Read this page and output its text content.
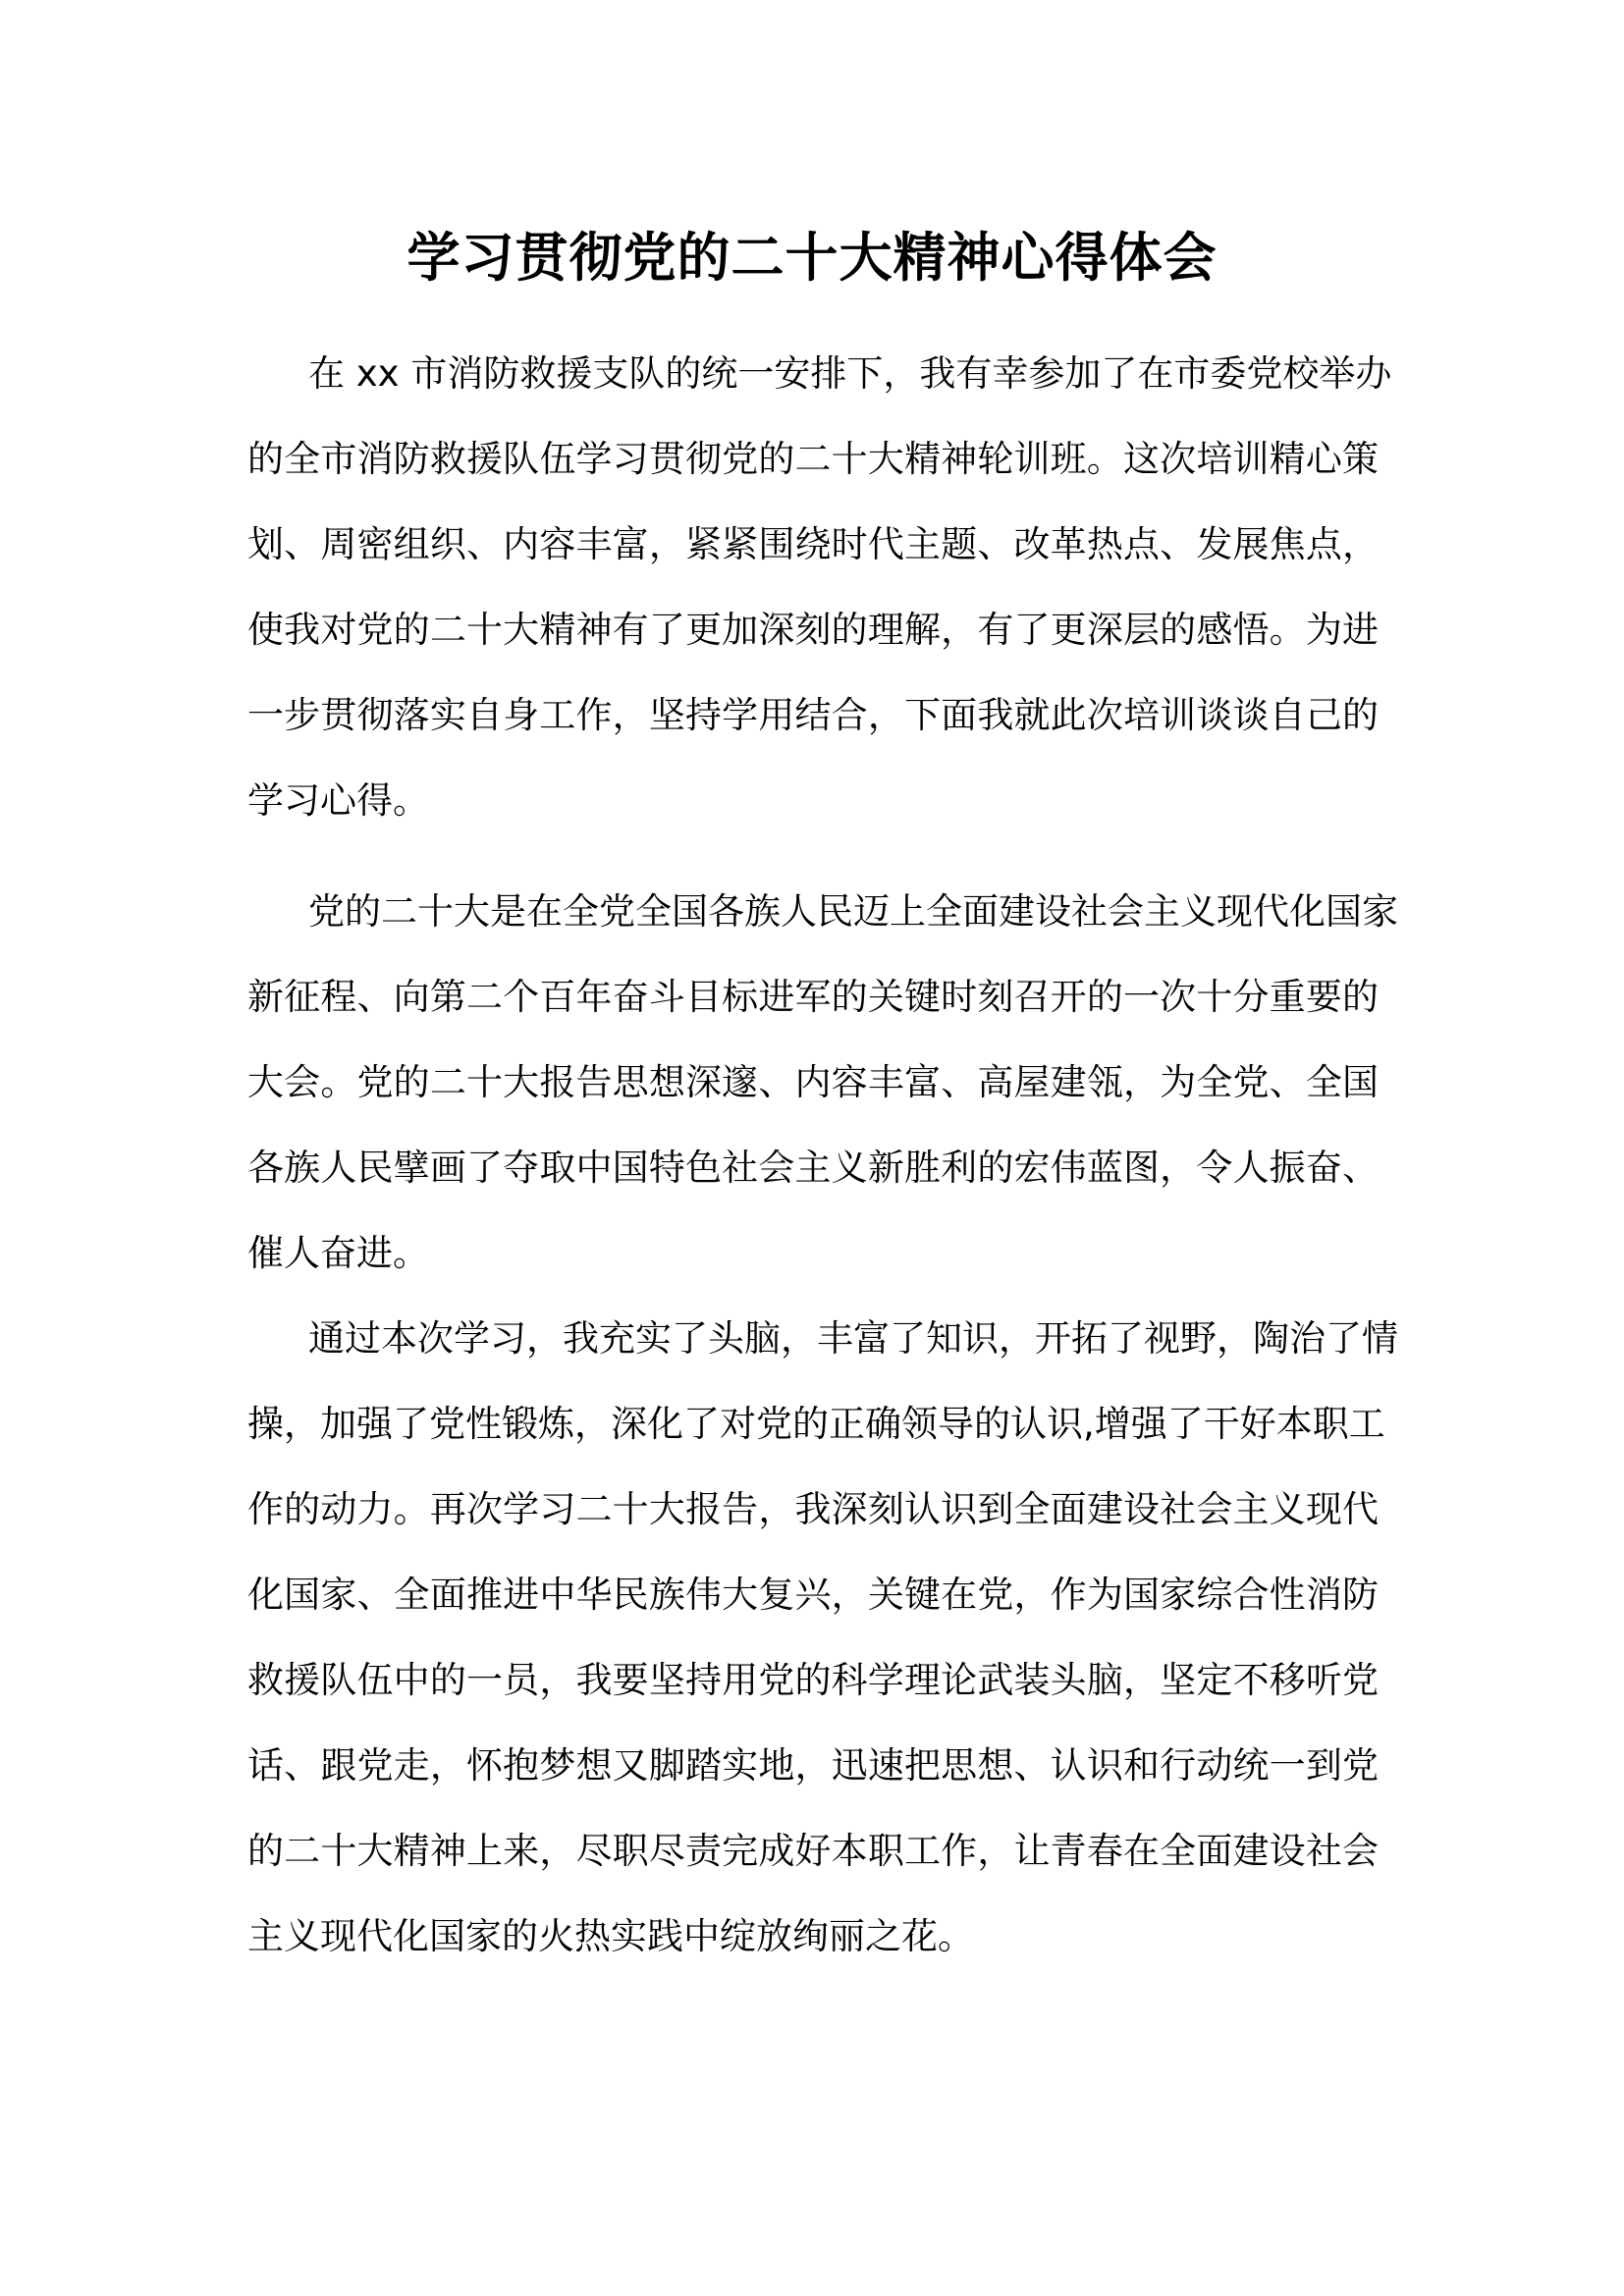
学习贯彻党的二十大精神心得体会
在 xx 市消防救援支队的统一安排下，我有幸参加了在市委党校举办
的全市消防救援队伍学习贯彻党的二十大精神轮训班。这次培训精心策
划、周密组织、内容丰富，紧紧围绕时代主题、改革热点、发展焦点，
使我对党的二十大精神有了更加深刻的理解，有了更深层的感悟。为进
一步贯彻落实自身工作，坚持学用结合，下面我就此次培训谈谈自己的
学习心得。
党的二十大是在全党全国各族人民迈上全面建设社会主义现代化国家
新征程、向第二个百年奋斗目标进军的关键时刻召开的一次十分重要的
大会。党的二十大报告思想深邃、内容丰富、高屋建瓴，为全党、全国
各族人民擘画了夺取中国特色社会主义新胜利的宏伟蓝图，令人振奋、
催人奋进。
通过本次学习，我充实了头脑，丰富了知识，开拓了视野，陶治了情
操，加强了党性锻炼，深化了对党的正确领导的认识,增强了干好本职工
作的动力。再次学习二十大报告，我深刻认识到全面建设社会主义现代
化国家、全面推进中华民族伟大复兴，关键在党，作为国家综合性消防
救援队伍中的一员，我要坚持用党的科学理论武装头脑，坚定不移听党
话、跟党走，怀抱梦想又脚踏实地，迅速把思想、认识和行动统一到党
的二十大精神上来，尽职尽责完成好本职工作，让青春在全面建设社会
主义现代化国家的火热实践中绽放绚丽之花。
